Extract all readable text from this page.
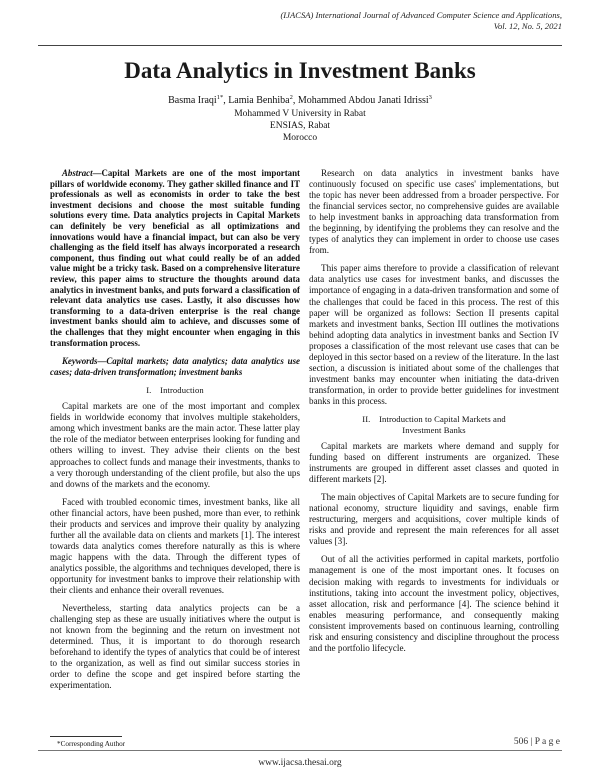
(IJACSA) International Journal of Advanced Computer Science and Applications,
Vol. 12, No. 5, 2021
Data Analytics in Investment Banks
Basma Iraqi$^{1*}$, Lamia Benhiba$^2$, Mohammed Abdou Janati Idrissi$^3$
Mohammed V University in Rabat
ENSIAS, Rabat
Morocco

Abstract—Capital Markets are one of the most important pillars of worldwide economy. They gather skilled finance and IT professionals as well as economists in order to take the best investment decisions and choose the most suitable funding solutions every time. Data analytics projects in Capital Markets can definitely be very beneficial as all optimizations and innovations would have a financial impact, but can also be very challenging as the field itself has always incorporated a research component, thus finding out what could really be of an added value might be a tricky task. Based on a comprehensive literature review, this paper aims to structure the thoughts around data analytics in investment banks, and puts forward a classification of relevant data analytics use cases. Lastly, it also discusses how transforming to a data-driven enterprise is the real change investment banks should aim to achieve, and discusses some of the challenges that they might encounter when engaging in this transformation process.

Keywords—Capital markets; data analytics; data analytics use cases; data-driven transformation; investment banks

I. Introduction

Capital markets are one of the most important and complex fields in worldwide economy that involves multiple stakeholders, among which investment banks are the main actor. These latter play the role of the mediator between enterprises looking for funding and others willing to invest. They advise their clients on the best approaches to collect funds and manage their investments, thanks to a very thorough understanding of the client profile, but also the ups and downs of the markets and the economy.

Faced with troubled economic times, investment banks, like all other financial actors, have been pushed, more than ever, to rethink their products and services and improve their quality by analyzing further all the available data on clients and markets [1]. The interest towards data analytics comes therefore naturally as this is where magic happens with the data. Through the different types of analytics possible, the algorithms and techniques developed, there is opportunity for investment banks to improve their relationship with their clients and enhance their overall revenues.

Nevertheless, starting data analytics projects can be a challenging step as these are usually initiatives where the output is not known from the beginning and the return on investment not determined. Thus, it is important to do thorough research beforehand to identify the types of analytics that could be of interest to the organization, as well as find out similar success stories in order to define the scope and get inspired before starting the experimentation.

Research on data analytics in investment banks have continuously focused on specific use cases' implementations, but the topic has never been addressed from a broader perspective. For the financial services sector, no comprehensive guides are available to help investment banks in approaching data transformation from the beginning, by identifying the problems they can resolve and the types of analytics they can implement in order to choose use cases from.

This paper aims therefore to provide a classification of relevant data analytics use cases for investment banks, and discusses the importance of engaging in a data-driven transformation and some of the challenges that could be faced in this process. The rest of this paper will be organized as follows: Section II presents capital markets and investment banks, Section III outlines the motivations behind adopting data analytics in investment banks and Section IV proposes a classification of the most relevant use cases that can be deployed in this sector based on a review of the literature. In the last section, a discussion is initiated about some of the challenges that investment banks may encounter when initiating the data-driven transformation, in order to provide better guidelines for investment banks in this process.

II. Introduction to Capital Markets and
Investment Banks

Capital markets are markets where demand and supply for funding based on different instruments are organized. These instruments are grouped in different asset classes and quoted in different markets [2].

The main objectives of Capital Markets are to secure funding for national economy, structure liquidity and savings, enable firm restructuring, mergers and acquisitions, cover multiple kinds of risks and provide and represent the main references for all asset values [3].

Out of all the activities performed in capital markets, portfolio management is one of the most important ones. It focuses on decision making with regards to investments for individuals or institutions, taking into account the investment policy, objectives, asset allocation, risk and performance [4]. The science behind it enables measuring performance, and consequently making consistent improvements based on continuous learning, controlling risk and ensuring consistency and discipline throughout the process and the portfolio lifecycle.

*Corresponding Author	506 | P a g e
www.ijacsa.thesai.org
